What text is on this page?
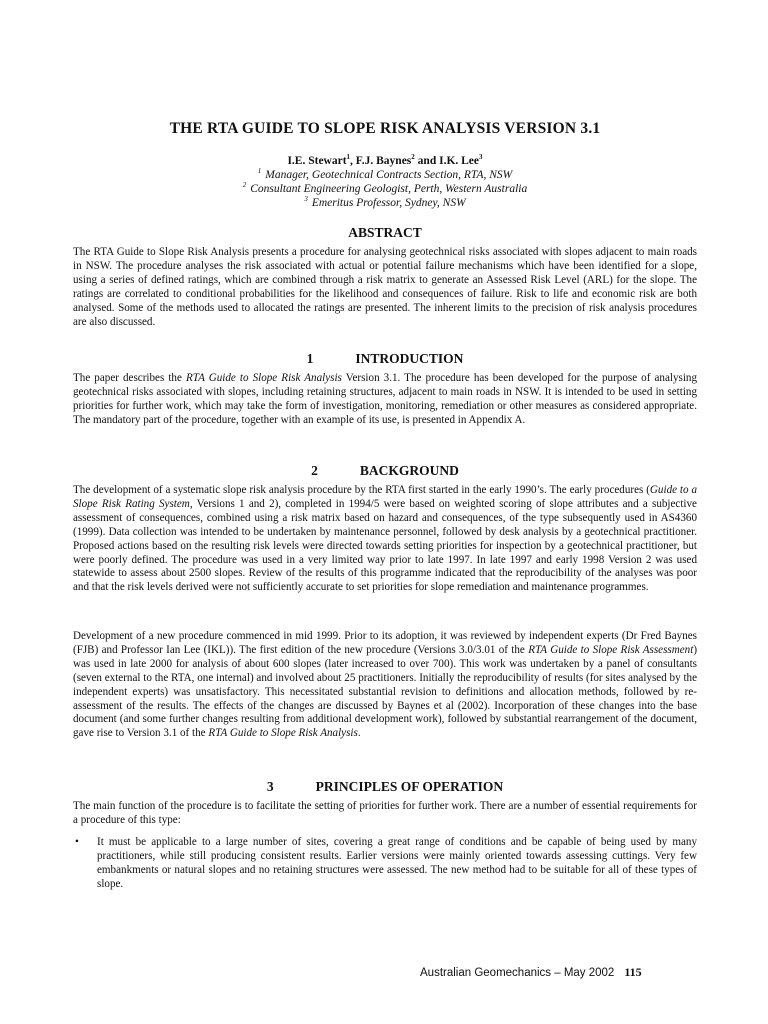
THE RTA GUIDE TO SLOPE RISK ANALYSIS VERSION 3.1
I.E. Stewart$^1$, F.J. Baynes$^2$ and I.K. Lee$^3$
$^1$ Manager, Geotechnical Contracts Section, RTA, NSW
$^2$ Consultant Engineering Geologist, Perth, Western Australia
$^3$ Emeritus Professor, Sydney, NSW
ABSTRACT
The RTA Guide to Slope Risk Analysis presents a procedure for analysing geotechnical risks associated with slopes adjacent to main roads in NSW. The procedure analyses the risk associated with actual or potential failure mechanisms which have been identified for a slope, using a series of defined ratings, which are combined through a risk matrix to generate an Assessed Risk Level (ARL) for the slope. The ratings are correlated to conditional probabilities for the likelihood and consequences of failure. Risk to life and economic risk are both analysed. Some of the methods used to allocated the ratings are presented. The inherent limits to the precision of risk analysis procedures are also discussed.
1	INTRODUCTION
The paper describes the RTA Guide to Slope Risk Analysis Version 3.1. The procedure has been developed for the purpose of analysing geotechnical risks associated with slopes, including retaining structures, adjacent to main roads in NSW. It is intended to be used in setting priorities for further work, which may take the form of investigation, monitoring, remediation or other measures as considered appropriate. The mandatory part of the procedure, together with an example of its use, is presented in Appendix A.
2	BACKGROUND
The development of a systematic slope risk analysis procedure by the RTA first started in the early 1990’s. The early procedures (Guide to a Slope Risk Rating System, Versions 1 and 2), completed in 1994/5 were based on weighted scoring of slope attributes and a subjective assessment of consequences, combined using a risk matrix based on hazard and consequences, of the type subsequently used in AS4360 (1999). Data collection was intended to be undertaken by maintenance personnel, followed by desk analysis by a geotechnical practitioner. Proposed actions based on the resulting risk levels were directed towards setting priorities for inspection by a geotechnical practitioner, but were poorly defined. The procedure was used in a very limited way prior to late 1997. In late 1997 and early 1998 Version 2 was used statewide to assess about 2500 slopes. Review of the results of this programme indicated that the reproducibility of the analyses was poor and that the risk levels derived were not sufficiently accurate to set priorities for slope remediation and maintenance programmes.
Development of a new procedure commenced in mid 1999. Prior to its adoption, it was reviewed by independent experts (Dr Fred Baynes (FJB) and Professor Ian Lee (IKL)). The first edition of the new procedure (Versions 3.0/3.01 of the RTA Guide to Slope Risk Assessment) was used in late 2000 for analysis of about 600 slopes (later increased to over 700). This work was undertaken by a panel of consultants (seven external to the RTA, one internal) and involved about 25 practitioners. Initially the reproducibility of results (for sites analysed by the independent experts) was unsatisfactory. This necessitated substantial revision to definitions and allocation methods, followed by re-assessment of the results. The effects of the changes are discussed by Baynes et al (2002). Incorporation of these changes into the base document (and some further changes resulting from additional development work), followed by substantial rearrangement of the document, gave rise to Version 3.1 of the RTA Guide to Slope Risk Analysis.
3	PRINCIPLES OF OPERATION
The main function of the procedure is to facilitate the setting of priorities for further work. There are a number of essential requirements for a procedure of this type:
• It must be applicable to a large number of sites, covering a great range of conditions and be capable of being used by many practitioners, while still producing consistent results. Earlier versions were mainly oriented towards assessing cuttings. Very few embankments or natural slopes and no retaining structures were assessed. The new method had to be suitable for all of these types of slope.
Australian Geomechanics – May 2002 115
